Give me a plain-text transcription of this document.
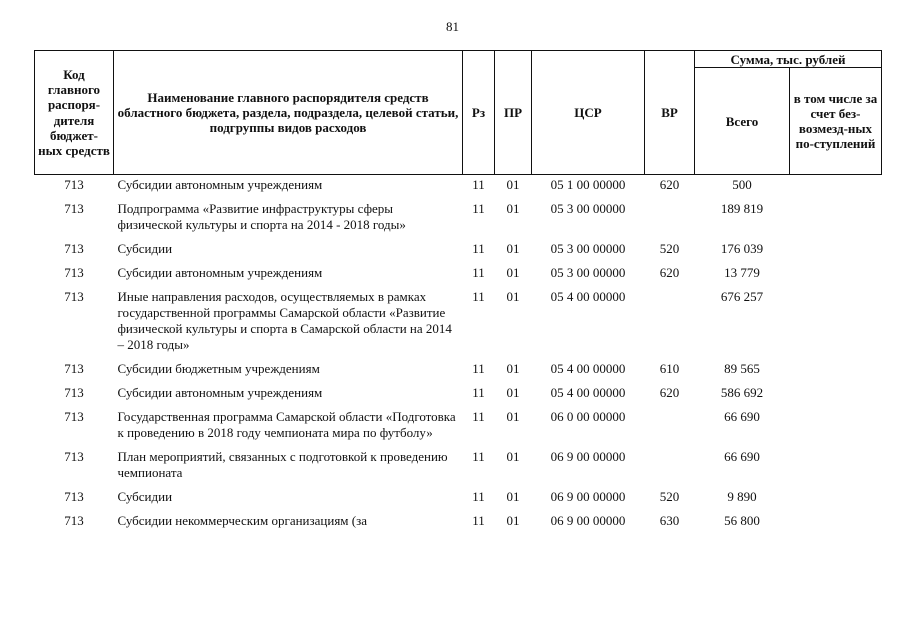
81
Код главного распоря-дителя бюджет-ных средств	Наименование главного распорядителя средств областного бюджета, раздела, подраздела, целевой статьи, подгруппы видов расходов	Рз	ПР	ЦСР	ВР	Сумма, тыс. рублей	
						Всего	в том числе за счет без-возмезд-ных по-ступлений
713	Субсидии автономным учреждениям	11	01	05 1 00 00000	620	500	
713	Подпрограмма «Развитие инфраструктуры сферы физической культуры и спорта на 2014 - 2018 годы»	11	01	05 3 00 00000		189 819	
713	Субсидии	11	01	05 3 00 00000	520	176 039	
713	Субсидии автономным учреждениям	11	01	05 3 00 00000	620	13 779	
713	Иные направления расходов, осуществляемых в рамках государственной программы Самарской области «Развитие физической культуры и спорта в Самарской области на 2014 – 2018 годы»	11	01	05 4 00 00000		676 257	
713	Субсидии бюджетным учреждениям	11	01	05 4 00 00000	610	89 565	
713	Субсидии автономным учреждениям	11	01	05 4 00 00000	620	586 692	
713	Государственная программа Самарской области «Подготовка к проведению в 2018 году чемпионата мира по футболу»	11	01	06 0 00 00000		66 690	
713	План мероприятий, связанных с подготовкой к проведению чемпионата	11	01	06 9 00 00000		66 690	
713	Субсидии	11	01	06 9 00 00000	520	9 890	
713	Субсидии некоммерческим организациям (за	11	01	06 9 00 00000	630	56 800	
